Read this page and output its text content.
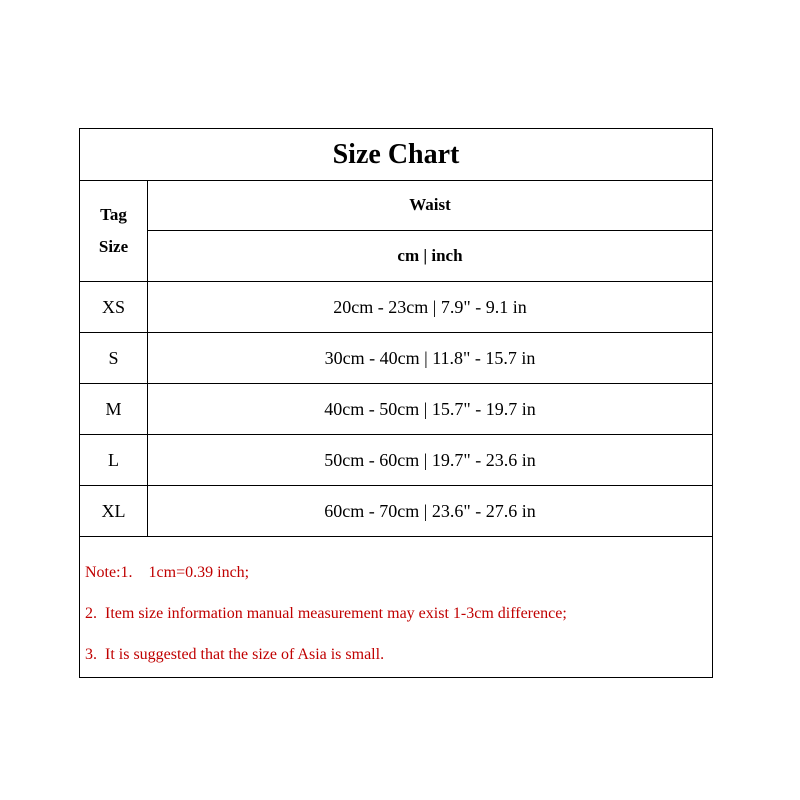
Size Chart
Tag
Size
Waist
cm | inch
XS	20cm - 23cm | 7.9" - 9.1 in
S	30cm - 40cm | 11.8" - 15.7 in
M	40cm - 50cm | 15.7" - 19.7 in
L	50cm - 60cm | 19.7" - 23.6 in
XL	60cm - 70cm | 23.6" - 27.6 in
Note:1.    1cm=0.39 inch;
2.  Item size information manual measurement may exist 1-3cm difference;
3.  It is suggested that the size of Asia is small.
